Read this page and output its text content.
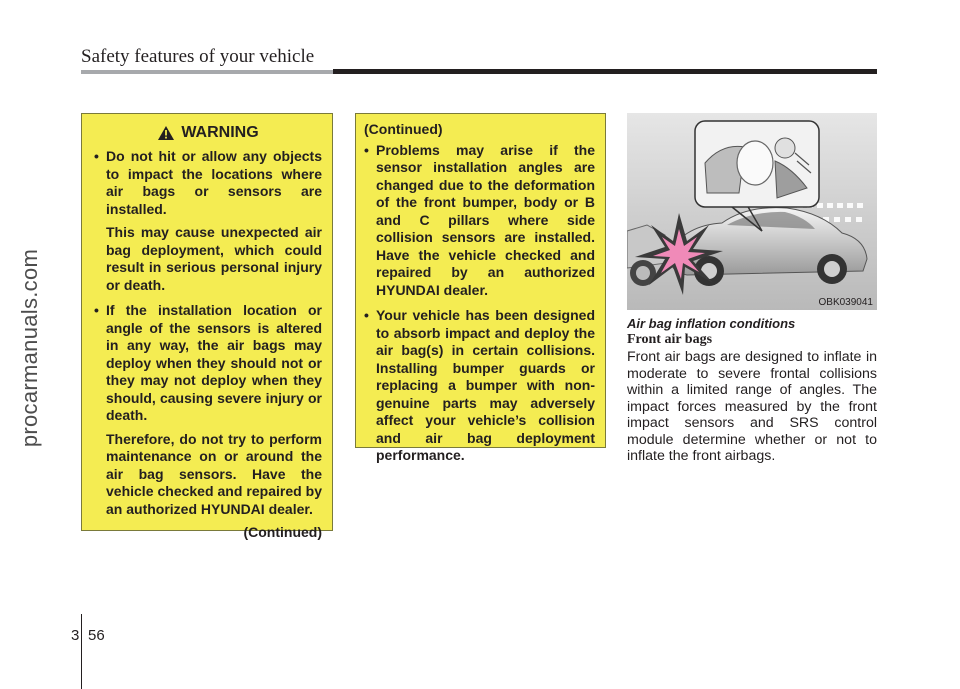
Safety features of your vehicle
procarmanuals.com
WARNING
• Do not hit or allow any objects to impact the locations where air bags or sensors are installed.
This may cause unexpected air bag deployment, which could result in serious personal injury or death.
• If the installation location or angle of the sensors is altered in any way, the air bags may deploy when they should not or they may not deploy when they should, causing severe injury or death.
Therefore, do not try to perform maintenance on or around the air bag sensors. Have the vehicle checked and repaired by an authorized HYUNDAI dealer.
(Continued)
(Continued)
• Problems may arise if the sensor installation angles are changed due to the deformation of the front bumper, body or B and C pillars where side collision sensors are installed. Have the vehicle checked and repaired by an authorized HYUNDAI dealer.
• Your vehicle has been designed to absorb impact and deploy the air bag(s) in certain collisions. Installing bumper guards or replacing a bumper with non-genuine parts may adversely affect your vehicle’s collision and air bag deployment performance.
OBK039041
Air bag inflation conditions
Front air bags
Front air bags are designed to inflate in moderate to severe frontal collisions within a limited range of angles. The impact forces measured by the front impact sensors and SRS control module determine whether or not to inflate the front airbags.
3 56
